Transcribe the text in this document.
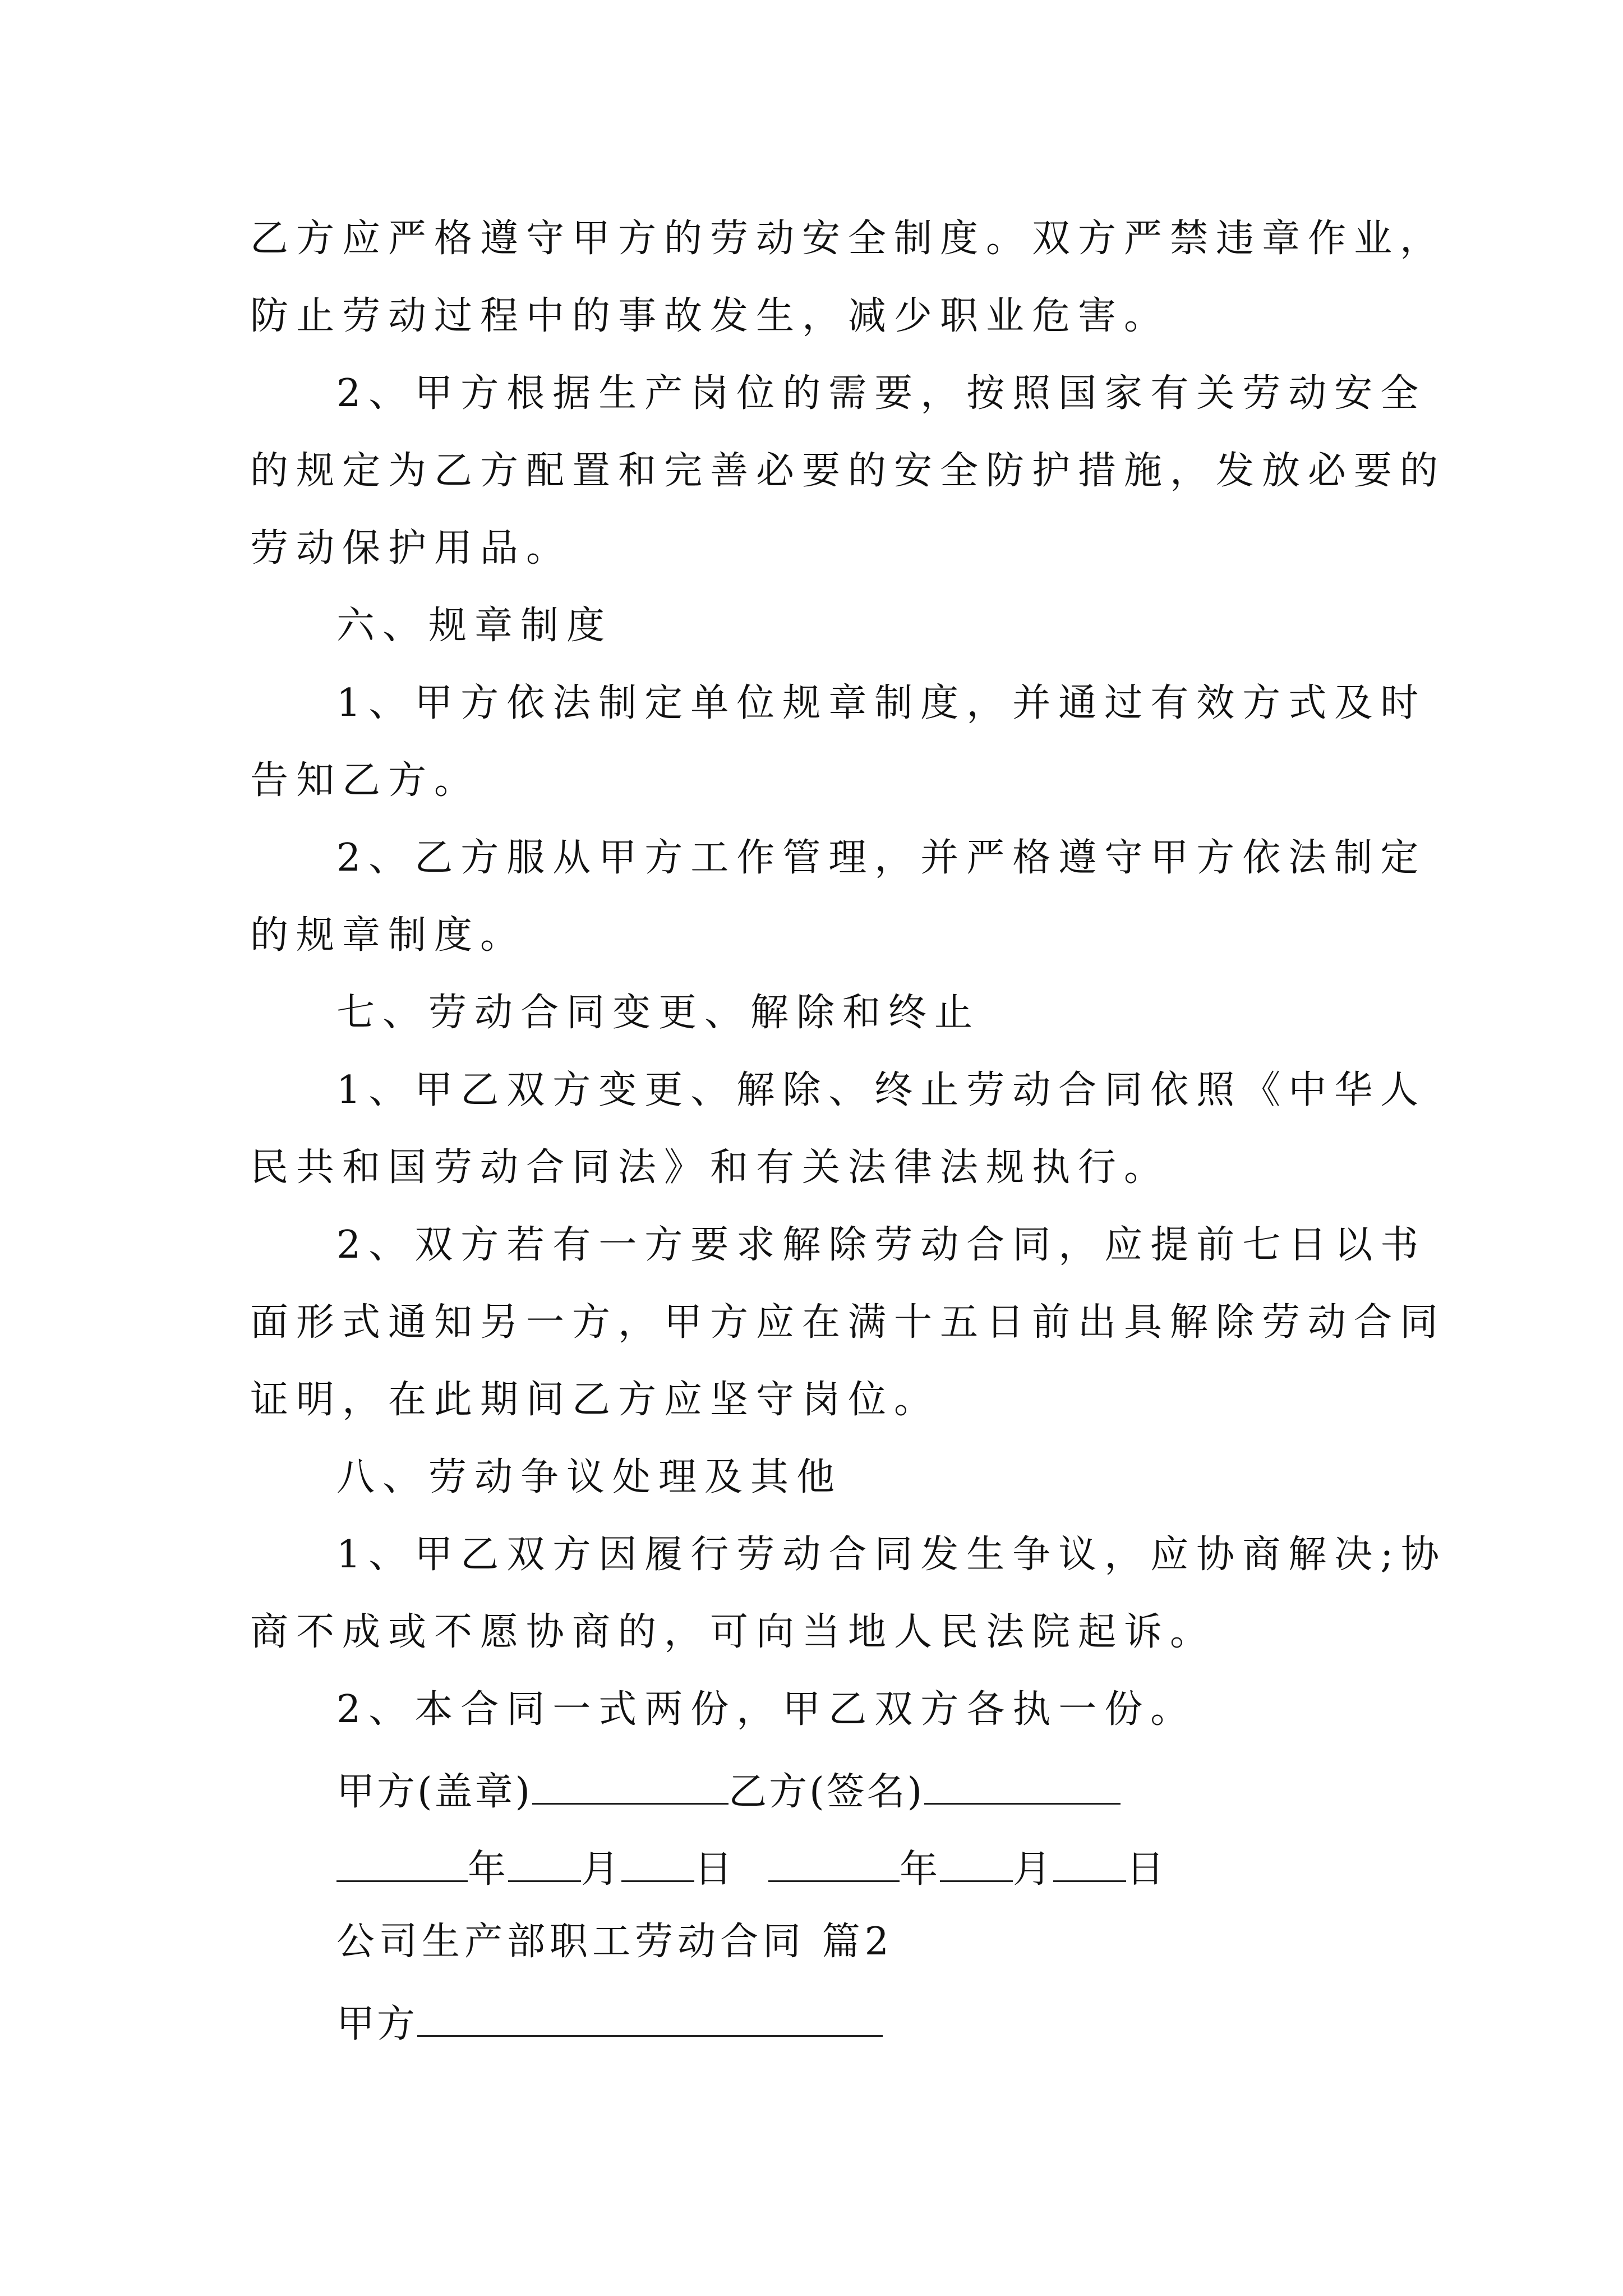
乙方应严格遵守甲方的劳动安全制度。双方严禁违章作业，
防止劳动过程中的事故发生，减少职业危害。
2、甲方根据生产岗位的需要，按照国家有关劳动安全
的规定为乙方配置和完善必要的安全防护措施，发放必要的
劳动保护用品。
六、规章制度
1、甲方依法制定单位规章制度，并通过有效方式及时
告知乙方。
2、乙方服从甲方工作管理，并严格遵守甲方依法制定
的规章制度。
七、劳动合同变更、解除和终止
1、甲乙双方变更、解除、终止劳动合同依照《中华人
民共和国劳动合同法》和有关法律法规执行。
2、双方若有一方要求解除劳动合同，应提前七日以书
面形式通知另一方，甲方应在满十五日前出具解除劳动合同
证明，在此期间乙方应坚守岗位。
八、劳动争议处理及其他
1、甲乙双方因履行劳动合同发生争议，应协商解决;协
商不成或不愿协商的，可向当地人民法院起诉。
2、本合同一式两份，甲乙双方各执一份。
甲方(盖章)	乙方(签名)
年 月 日	年 月 日
公司生产部职工劳动合同 篇2
甲方
